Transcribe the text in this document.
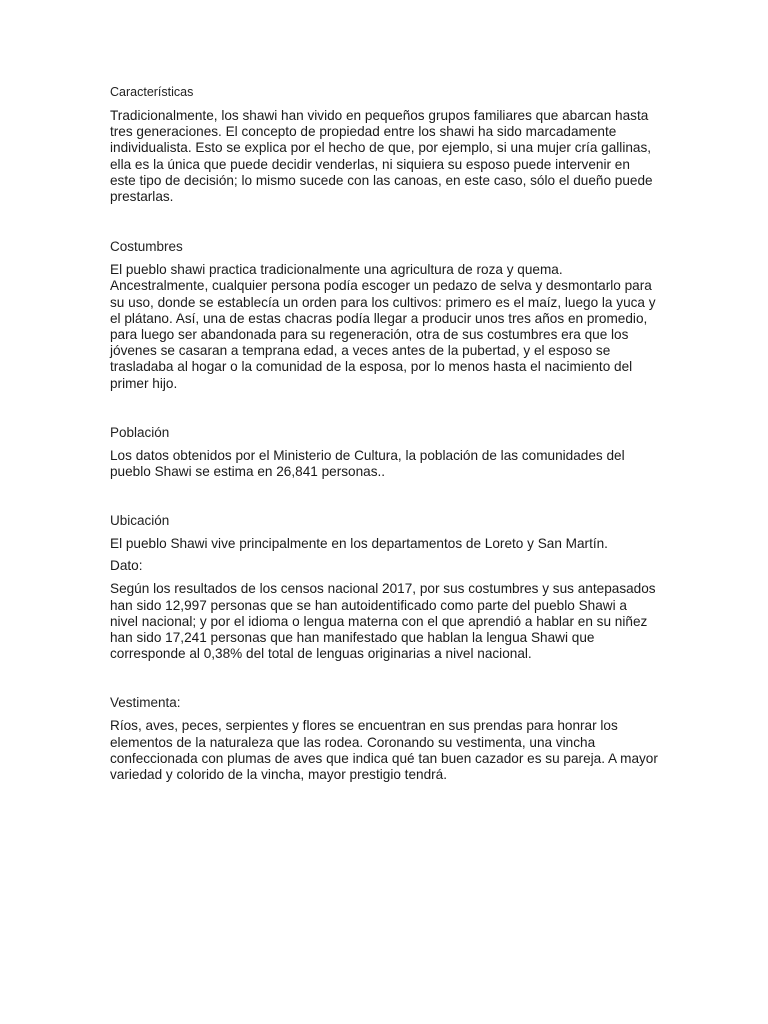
Características

Tradicionalmente, los shawi han vivido en pequeños grupos familiares que abarcan hasta tres generaciones. El concepto de propiedad entre los shawi ha sido marcadamente individualista. Esto se explica por el hecho de que, por ejemplo, si una mujer cría gallinas, ella es la única que puede decidir venderlas, ni siquiera su esposo puede intervenir en este tipo de decisión; lo mismo sucede con las canoas, en este caso, sólo el dueño puede prestarlas.

Costumbres

El pueblo shawi practica tradicionalmente una agricultura de roza y quema. Ancestralmente, cualquier persona podía escoger un pedazo de selva y desmontarlo para su uso, donde se establecía un orden para los cultivos: primero es el maíz, luego la yuca y el plátano. Así, una de estas chacras podía llegar a producir unos tres años en promedio, para luego ser abandonada para su regeneración, otra de sus costumbres era que los jóvenes se casaran a temprana edad, a veces antes de la pubertad, y el esposo se trasladaba al hogar o la comunidad de la esposa, por lo menos hasta el nacimiento del primer hijo.

Población

Los datos obtenidos por el Ministerio de Cultura, la población de las comunidades del pueblo Shawi se estima en 26,841 personas..

Ubicación

El pueblo Shawi vive principalmente en los departamentos de Loreto y San Martín.

Dato:

Según los resultados de los censos nacional 2017, por sus costumbres y sus antepasados han sido 12,997 personas que se han autoidentificado como parte del pueblo Shawi a nivel nacional; y por el idioma o lengua materna con el que aprendió a hablar en su niñez han sido 17,241 personas que han manifestado que hablan la lengua Shawi que corresponde al 0,38% del total de lenguas originarias a nivel nacional.

Vestimenta:

Ríos, aves, peces, serpientes y flores se encuentran en sus prendas para honrar los elementos de la naturaleza que las rodea. Coronando su vestimenta, una vincha confeccionada con plumas de aves que indica qué tan buen cazador es su pareja. A mayor variedad y colorido de la vincha, mayor prestigio tendrá.
